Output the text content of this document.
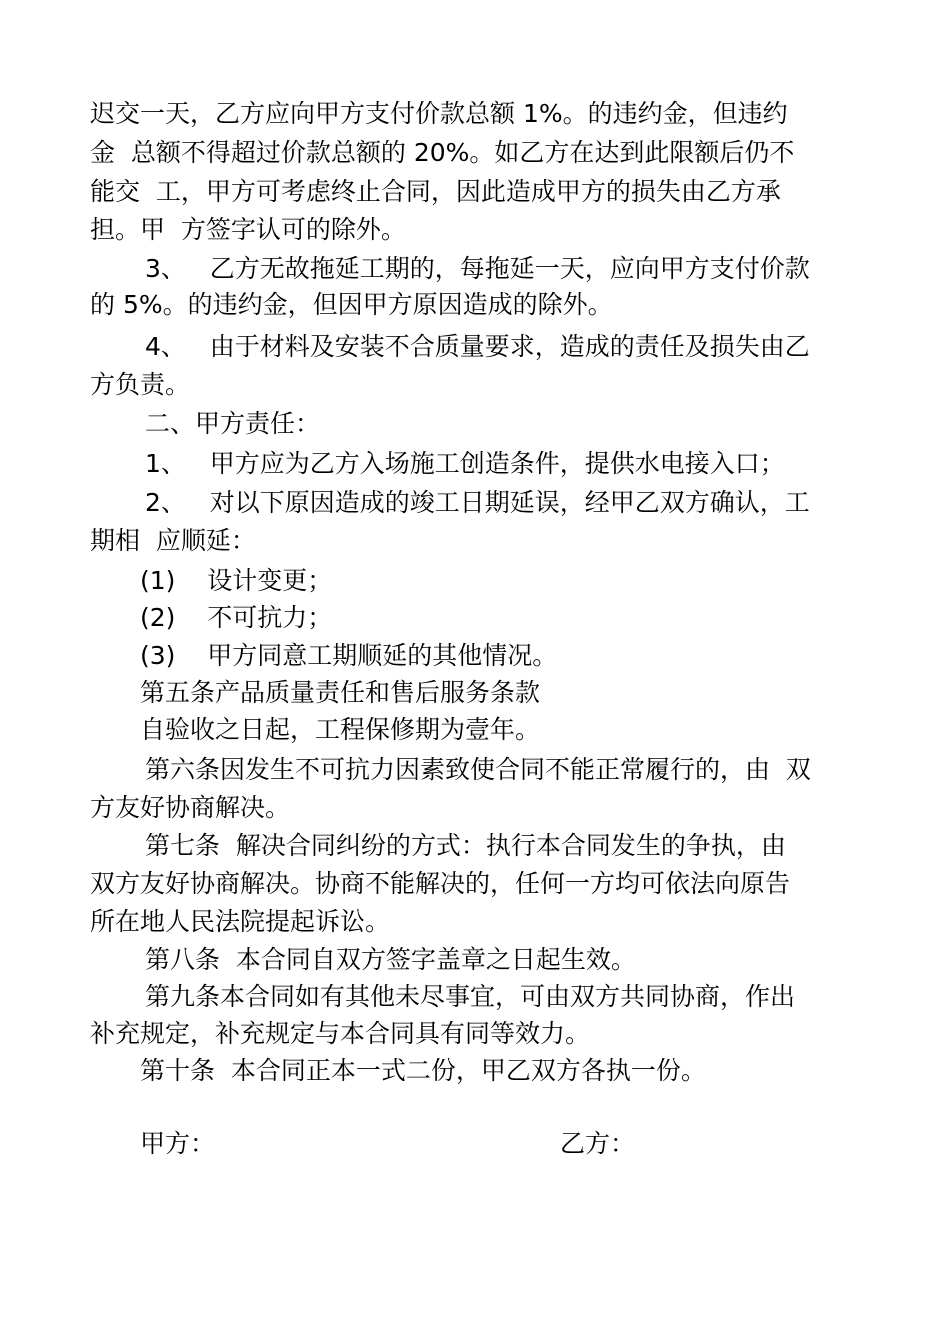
迟交一天，乙方应向甲方支付价款总额 1%。的违约金，但违约
金  总额不得超过价款总额的 20%。如乙方在达到此限额后仍不
能交  工，甲方可考虑终止合同，因此造成甲方的损失由乙方承
担。甲  方签字认可的除外。
3、   乙方无故拖延工期的，每拖延一天，应向甲方支付价款
的 5%。的违约金，但因甲方原因造成的除外。
4、   由于材料及安装不合质量要求，造成的责任及损失由乙
方负责。
二、甲方责任：
1、   甲方应为乙方入场施工创造条件，提供水电接入口；
2、   对以下原因造成的竣工日期延误，经甲乙双方确认，工
期相  应顺延：
(1)    设计变更；
(2)    不可抗力；
(3)    甲方同意工期顺延的其他情况。
第五条产品质量责任和售后服务条款
自验收之日起，工程保修期为壹年。
第六条因发生不可抗力因素致使合同不能正常履行的，由  双
方友好协商解决。
第七条  解决合同纠纷的方式：执行本合同发生的争执，由
双方友好协商解决。协商不能解决的，任何一方均可依法向原告
所在地人民法院提起诉讼。
第八条  本合同自双方签字盖章之日起生效。
第九条本合同如有其他未尽事宜，可由双方共同协商，作出
补充规定，补充规定与本合同具有同等效力。
第十条  本合同正本一式二份，甲乙双方各执一份。
甲方：	乙方：
